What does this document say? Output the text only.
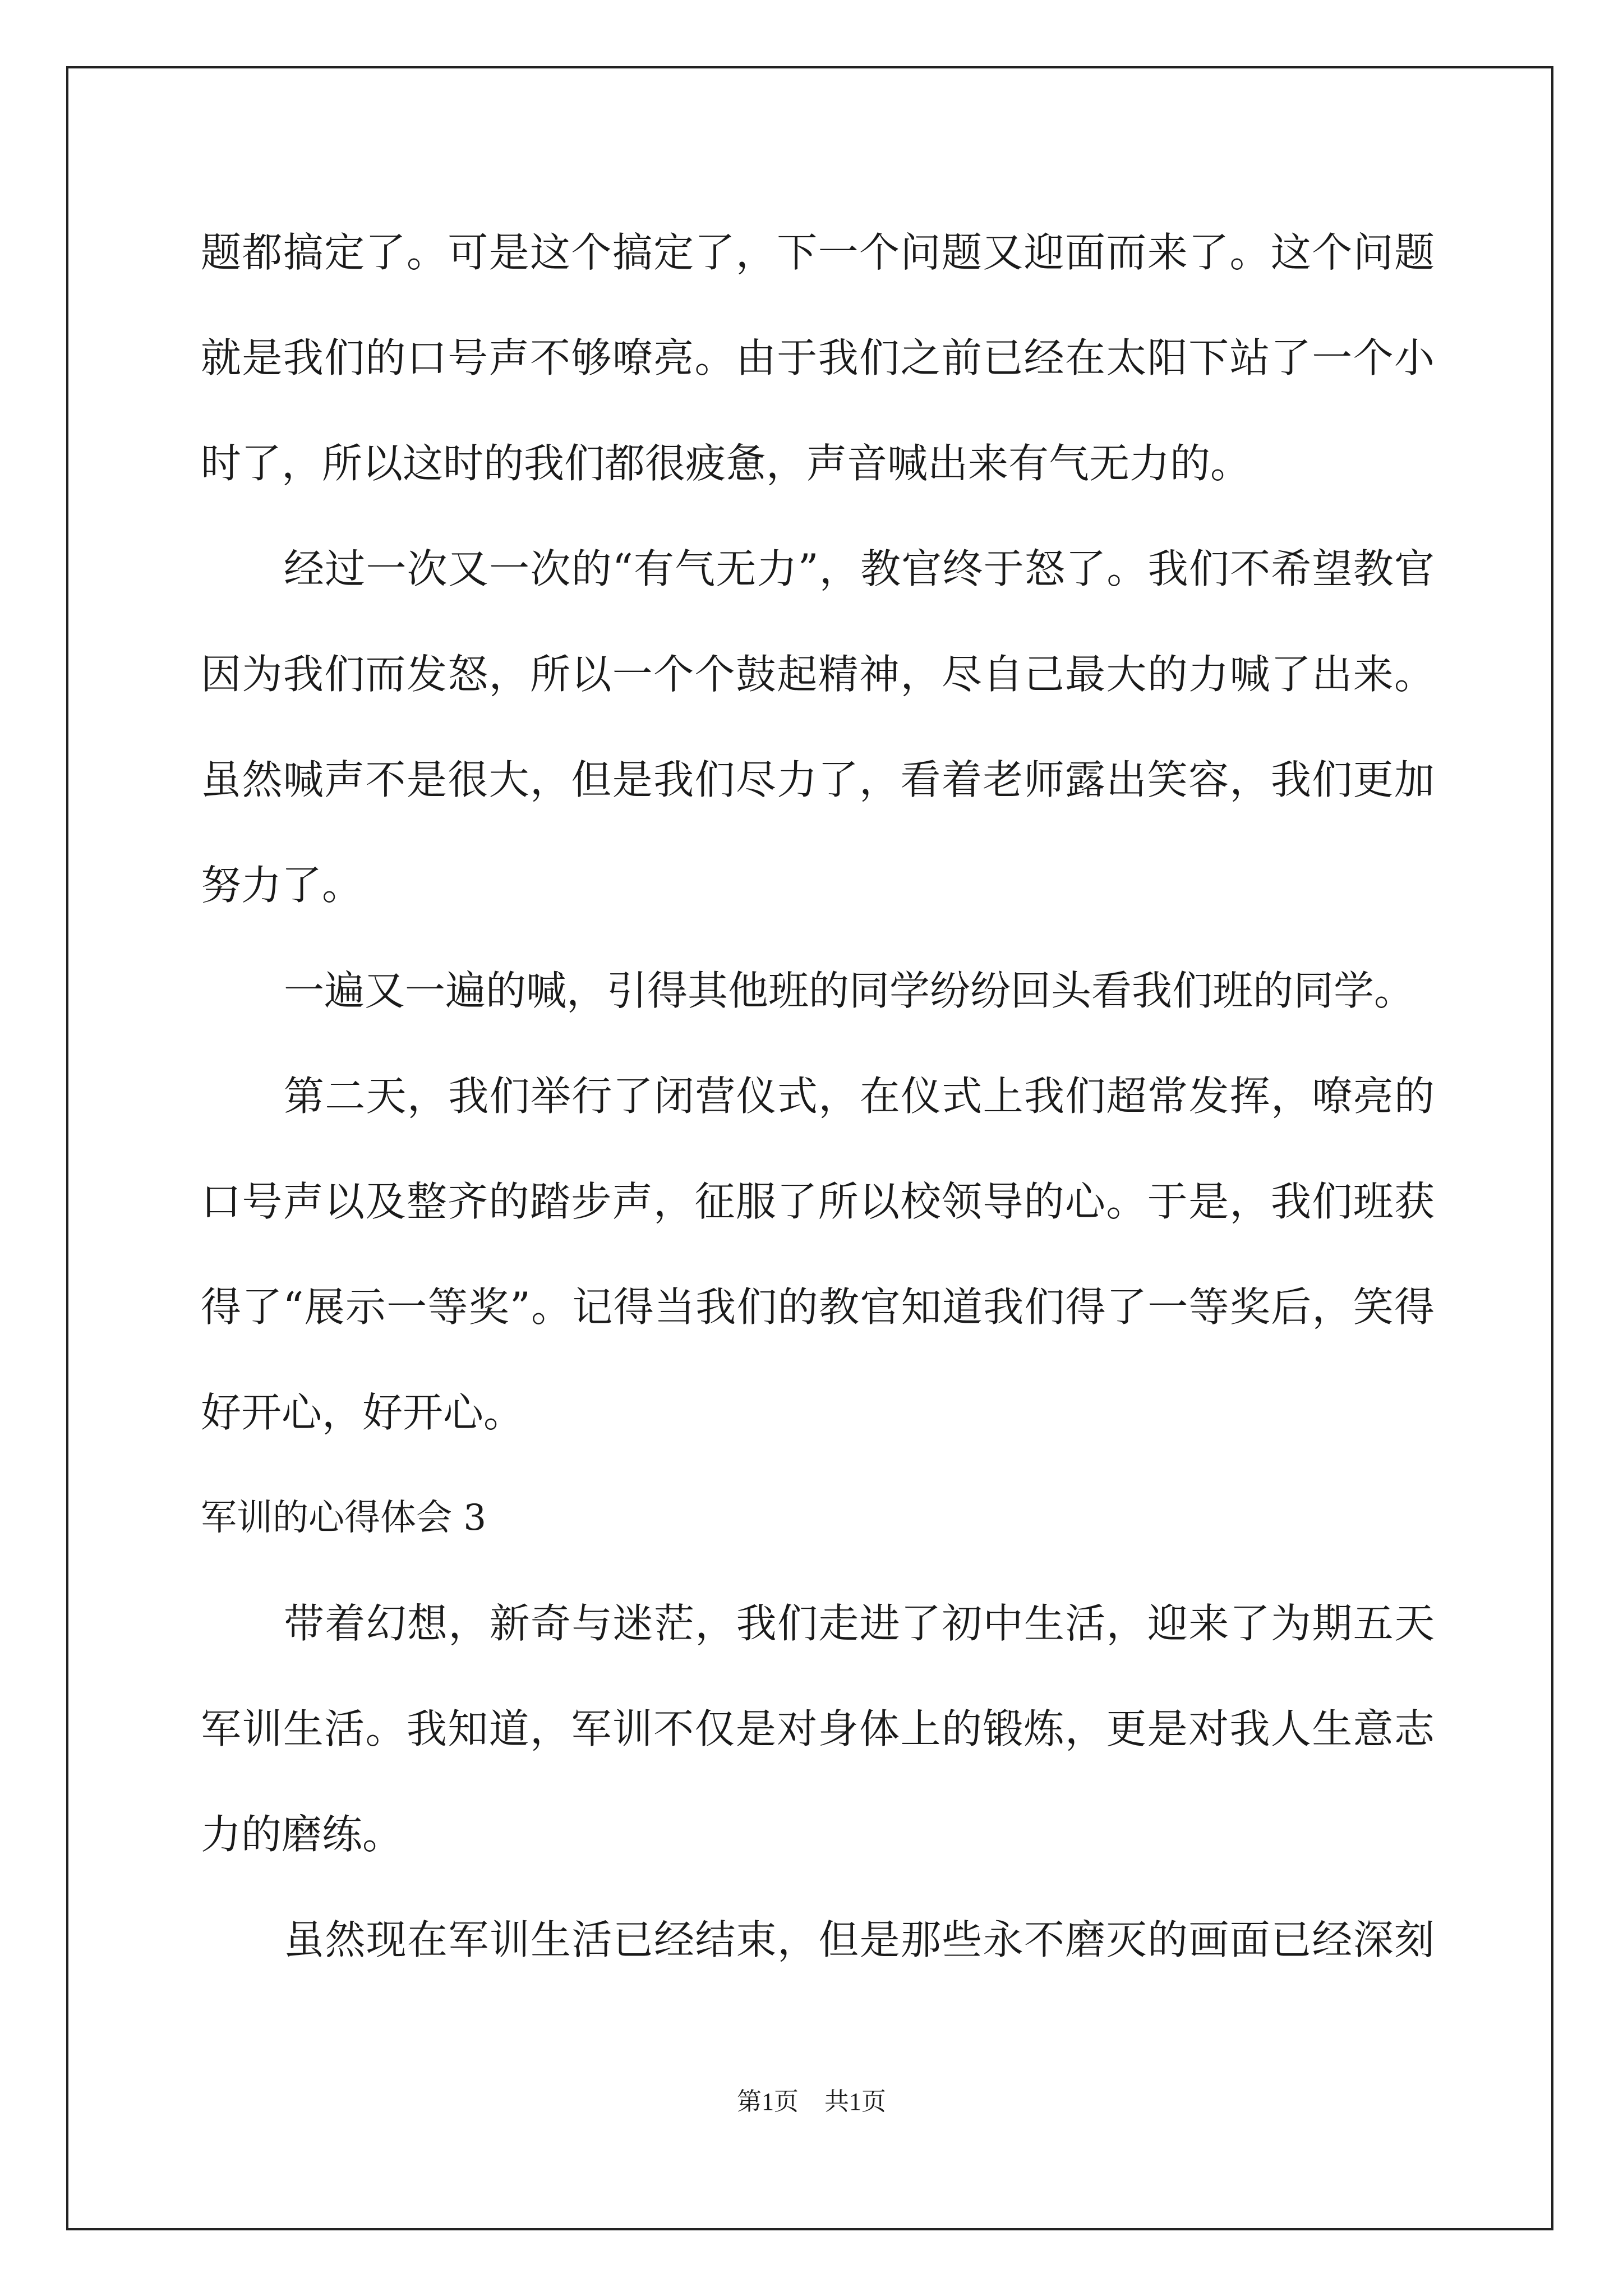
题都搞定了。可是这个搞定了，下一个问题又迎面而来了。这个问题
就是我们的口号声不够嘹亮。由于我们之前已经在太阳下站了一个小
时了，所以这时的我们都很疲惫，声音喊出来有气无力的。
经过一次又一次的“有气无力”，教官终于怒了。我们不希望教官
因为我们而发怒，所以一个个鼓起精神，尽自己最大的力喊了出来。
虽然喊声不是很大，但是我们尽力了，看着老师露出笑容，我们更加
努力了。
一遍又一遍的喊，引得其他班的同学纷纷回头看我们班的同学。
第二天，我们举行了闭营仪式，在仪式上我们超常发挥，嘹亮的
口号声以及整齐的踏步声，征服了所以校领导的心。于是，我们班获
得了“展示一等奖”。记得当我们的教官知道我们得了一等奖后，笑得
好开心，好开心。
军训的心得体会 3
带着幻想，新奇与迷茫，我们走进了初中生活，迎来了为期五天
军训生活。我知道，军训不仅是对身体上的锻炼，更是对我人生意志
力的磨练。
虽然现在军训生活已经结束，但是那些永不磨灭的画面已经深刻
第1页 共1页
